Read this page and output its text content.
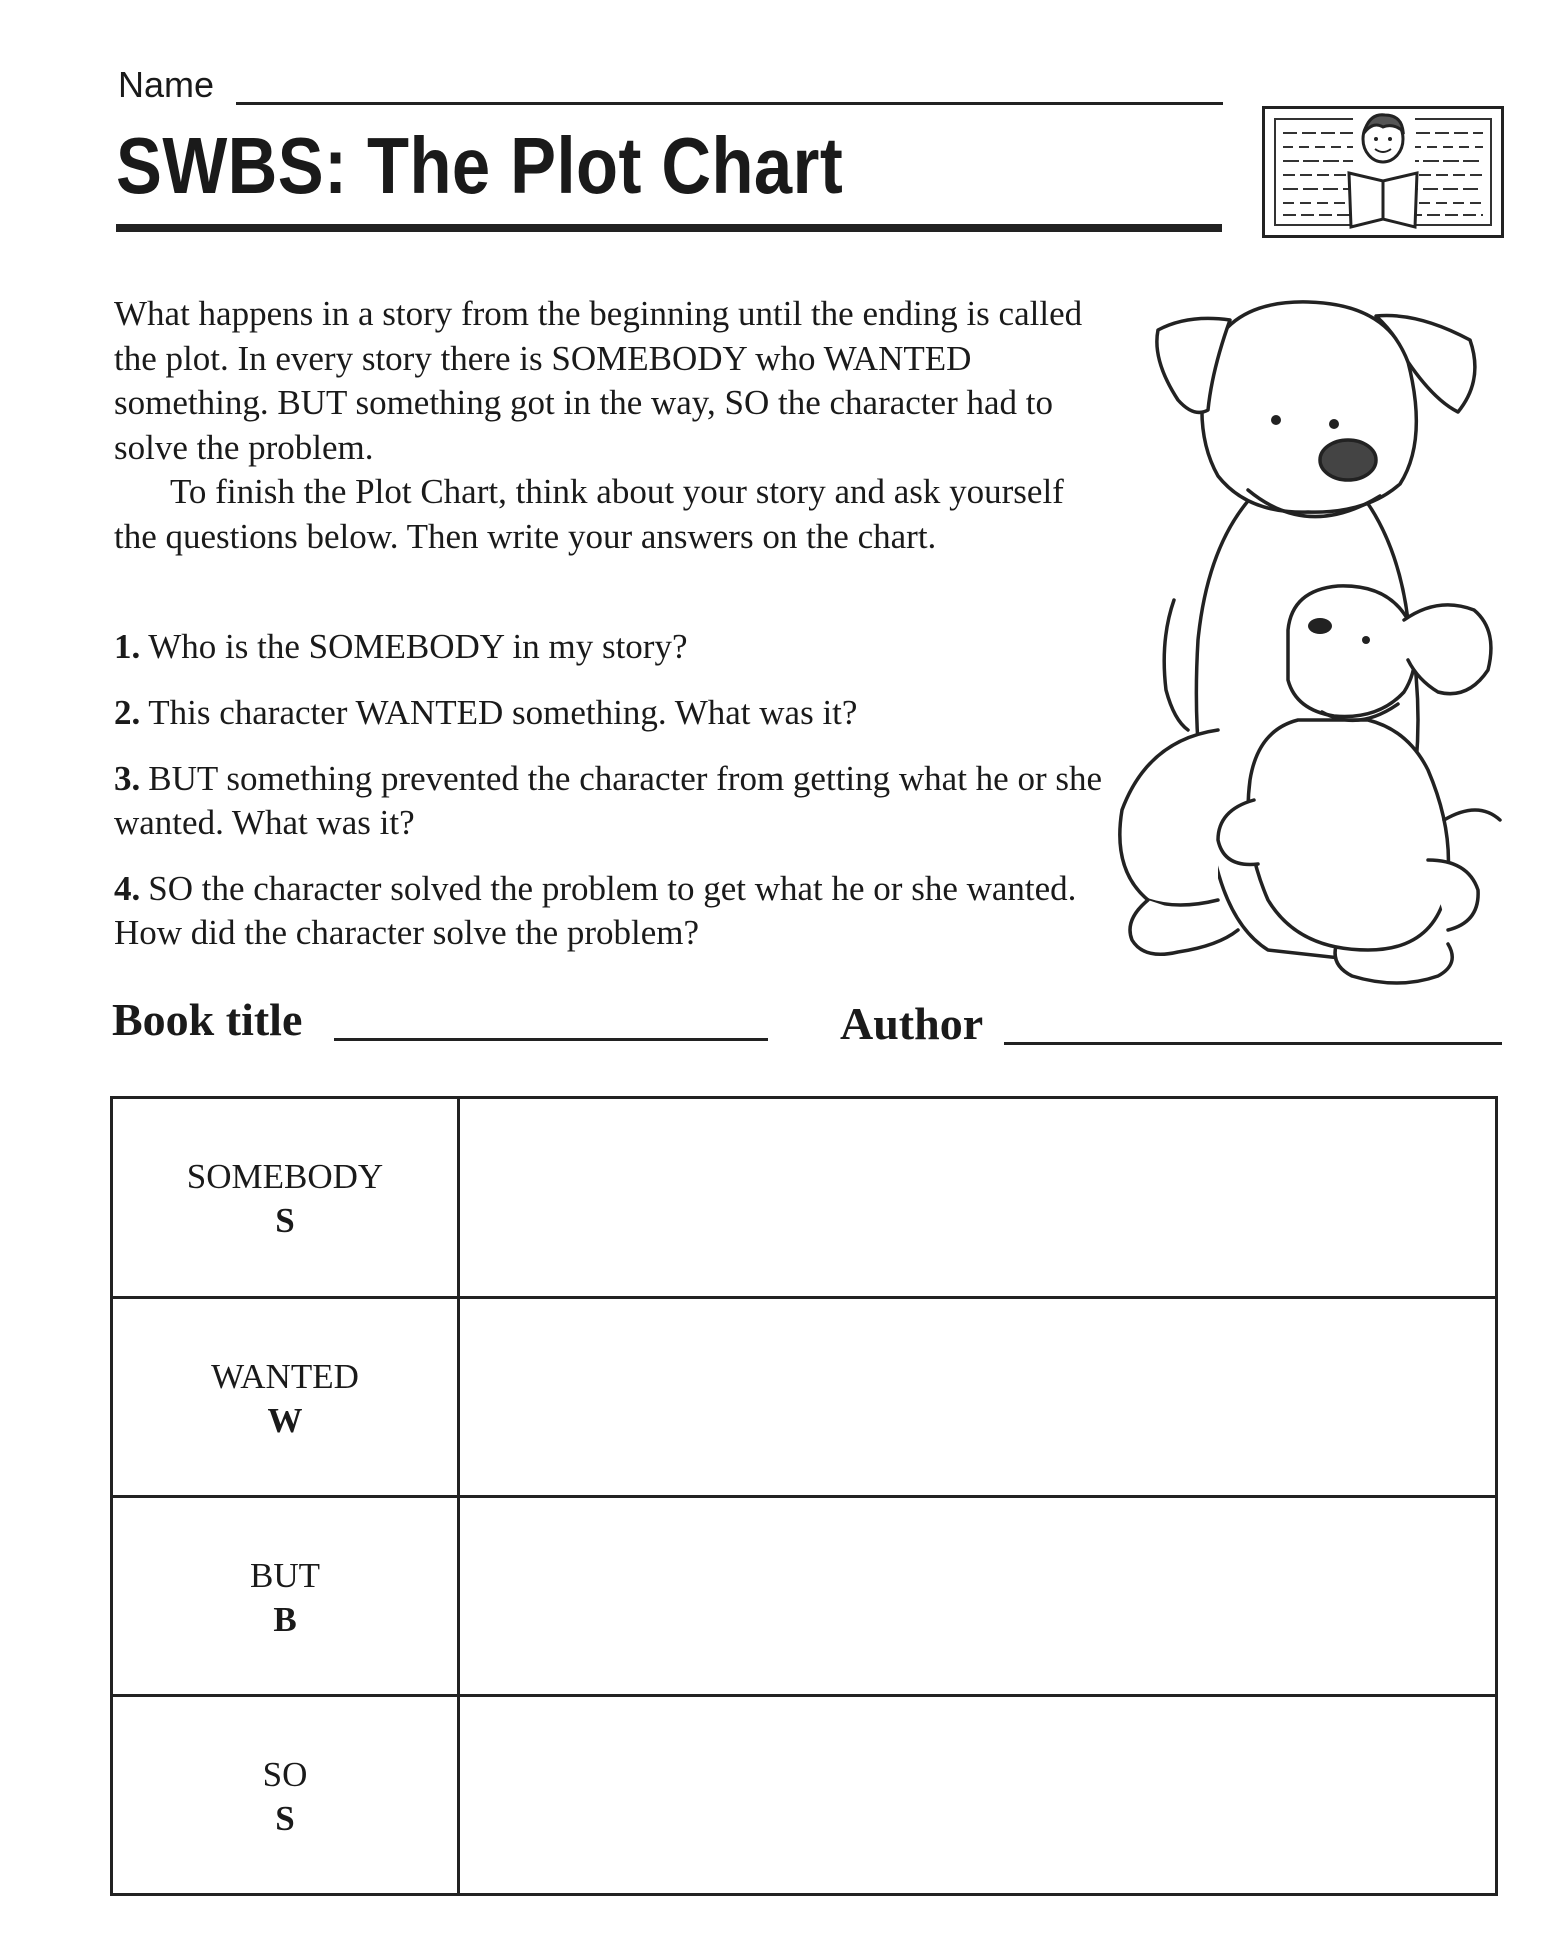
Name
SWBS: The Plot Chart

What happens in a story from the beginning until the ending is called the plot. In every story there is SOMEBODY who WANTED something. BUT something got in the way, SO the character had to solve the problem.

To finish the Plot Chart, think about your story and ask yourself the questions below. Then write your answers on the chart.

1. Who is the SOMEBODY in my story?
2. This character WANTED something. What was it?
3. BUT something prevented the character from getting what he or she wanted. What was it?
4. SO the character solved the problem to get what he or she wanted. How did the character solve the problem?
Book title	Author
SOMEBODY
S
WANTED
W
BUT
B
SO
S
